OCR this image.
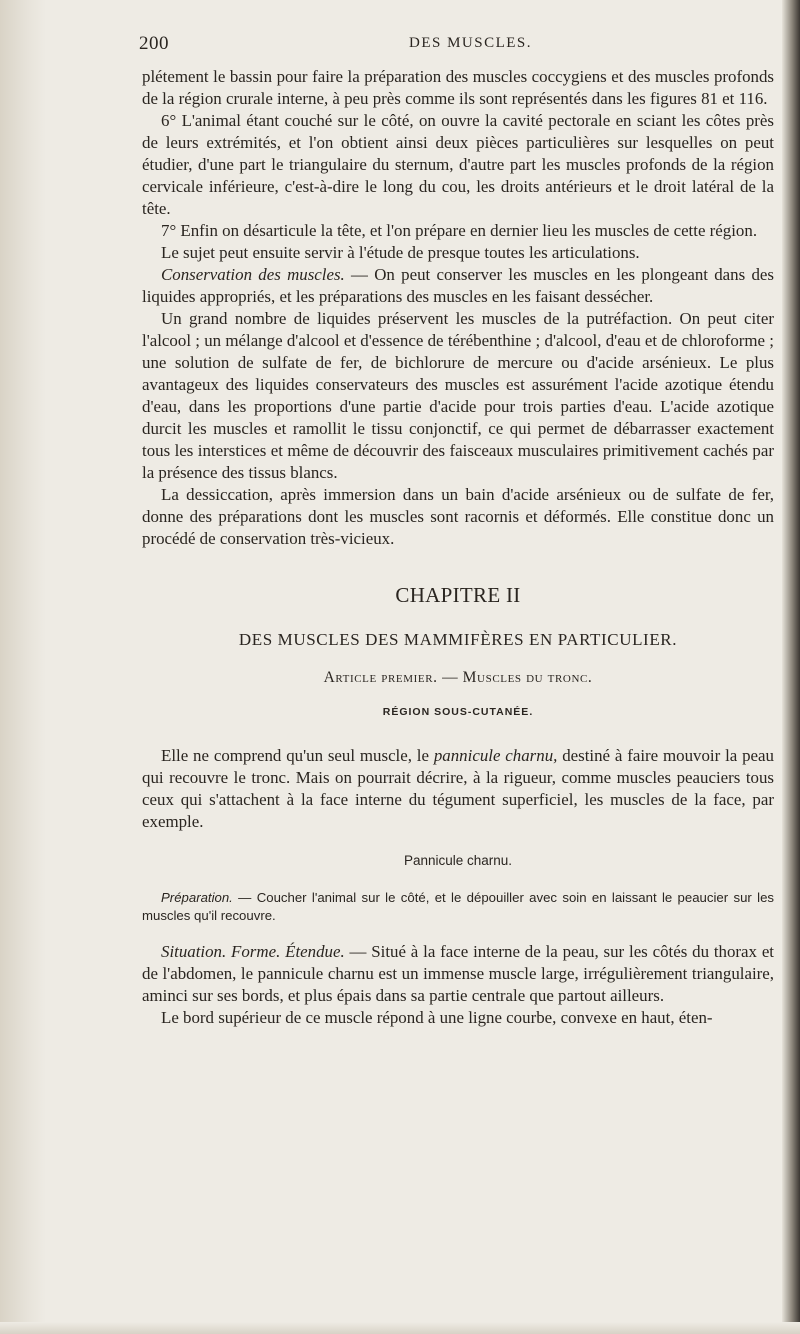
200	DES MUSCLES.

plétement le bassin pour faire la préparation des muscles coccygiens et des muscles profonds de la région crurale interne, à peu près comme ils sont représentés dans les figures 81 et 116.

6° L'animal étant couché sur le côté, on ouvre la cavité pectorale en sciant les côtes près de leurs extrémités, et l'on obtient ainsi deux pièces particulières sur lesquelles on peut étudier, d'une part le triangulaire du sternum, d'autre part les muscles profonds de la région cervicale inférieure, c'est-à-dire le long du cou, les droits antérieurs et le droit latéral de la tête.

7° Enfin on désarticule la tête, et l'on prépare en dernier lieu les muscles de cette région.

Le sujet peut ensuite servir à l'étude de presque toutes les articulations.

Conservation des muscles. — On peut conserver les muscles en les plongeant dans des liquides appropriés, et les préparations des muscles en les faisant dessécher.

Un grand nombre de liquides préservent les muscles de la putréfaction. On peut citer l'alcool ; un mélange d'alcool et d'essence de térébenthine ; d'alcool, d'eau et de chloroforme ; une solution de sulfate de fer, de bichlorure de mercure ou d'acide arsénieux. Le plus avantageux des liquides conservateurs des muscles est assurément l'acide azotique étendu d'eau, dans les proportions d'une partie d'acide pour trois parties d'eau. L'acide azotique durcit les muscles et ramollit le tissu conjonctif, ce qui permet de débarrasser exactement tous les interstices et même de découvrir des faisceaux musculaires primitivement cachés par la présence des tissus blancs.

La dessiccation, après immersion dans un bain d'acide arsénieux ou de sulfate de fer, donne des préparations dont les muscles sont racornis et déformés. Elle constitue donc un procédé de conservation très-vicieux.

CHAPITRE II
DES MUSCLES DES MAMMIFÈRES EN PARTICULIER.
Article premier. — Muscles du tronc.
RÉGION SOUS-CUTANÉE.

Elle ne comprend qu'un seul muscle, le pannicule charnu, destiné à faire mouvoir la peau qui recouvre le tronc. Mais on pourrait décrire, à la rigueur, comme muscles peauciers tous ceux qui s'attachent à la face interne du tégument superficiel, les muscles de la face, par exemple.

Pannicule charnu.

Préparation. — Coucher l'animal sur le côté, et le dépouiller avec soin en laissant le peaucier sur les muscles qu'il recouvre.

Situation. Forme. Étendue. — Situé à la face interne de la peau, sur les côtés du thorax et de l'abdomen, le pannicule charnu est un immense muscle large, irrégulièrement triangulaire, aminci sur ses bords, et plus épais dans sa partie centrale que partout ailleurs.

Le bord supérieur de ce muscle répond à une ligne courbe, convexe en haut, éten-
